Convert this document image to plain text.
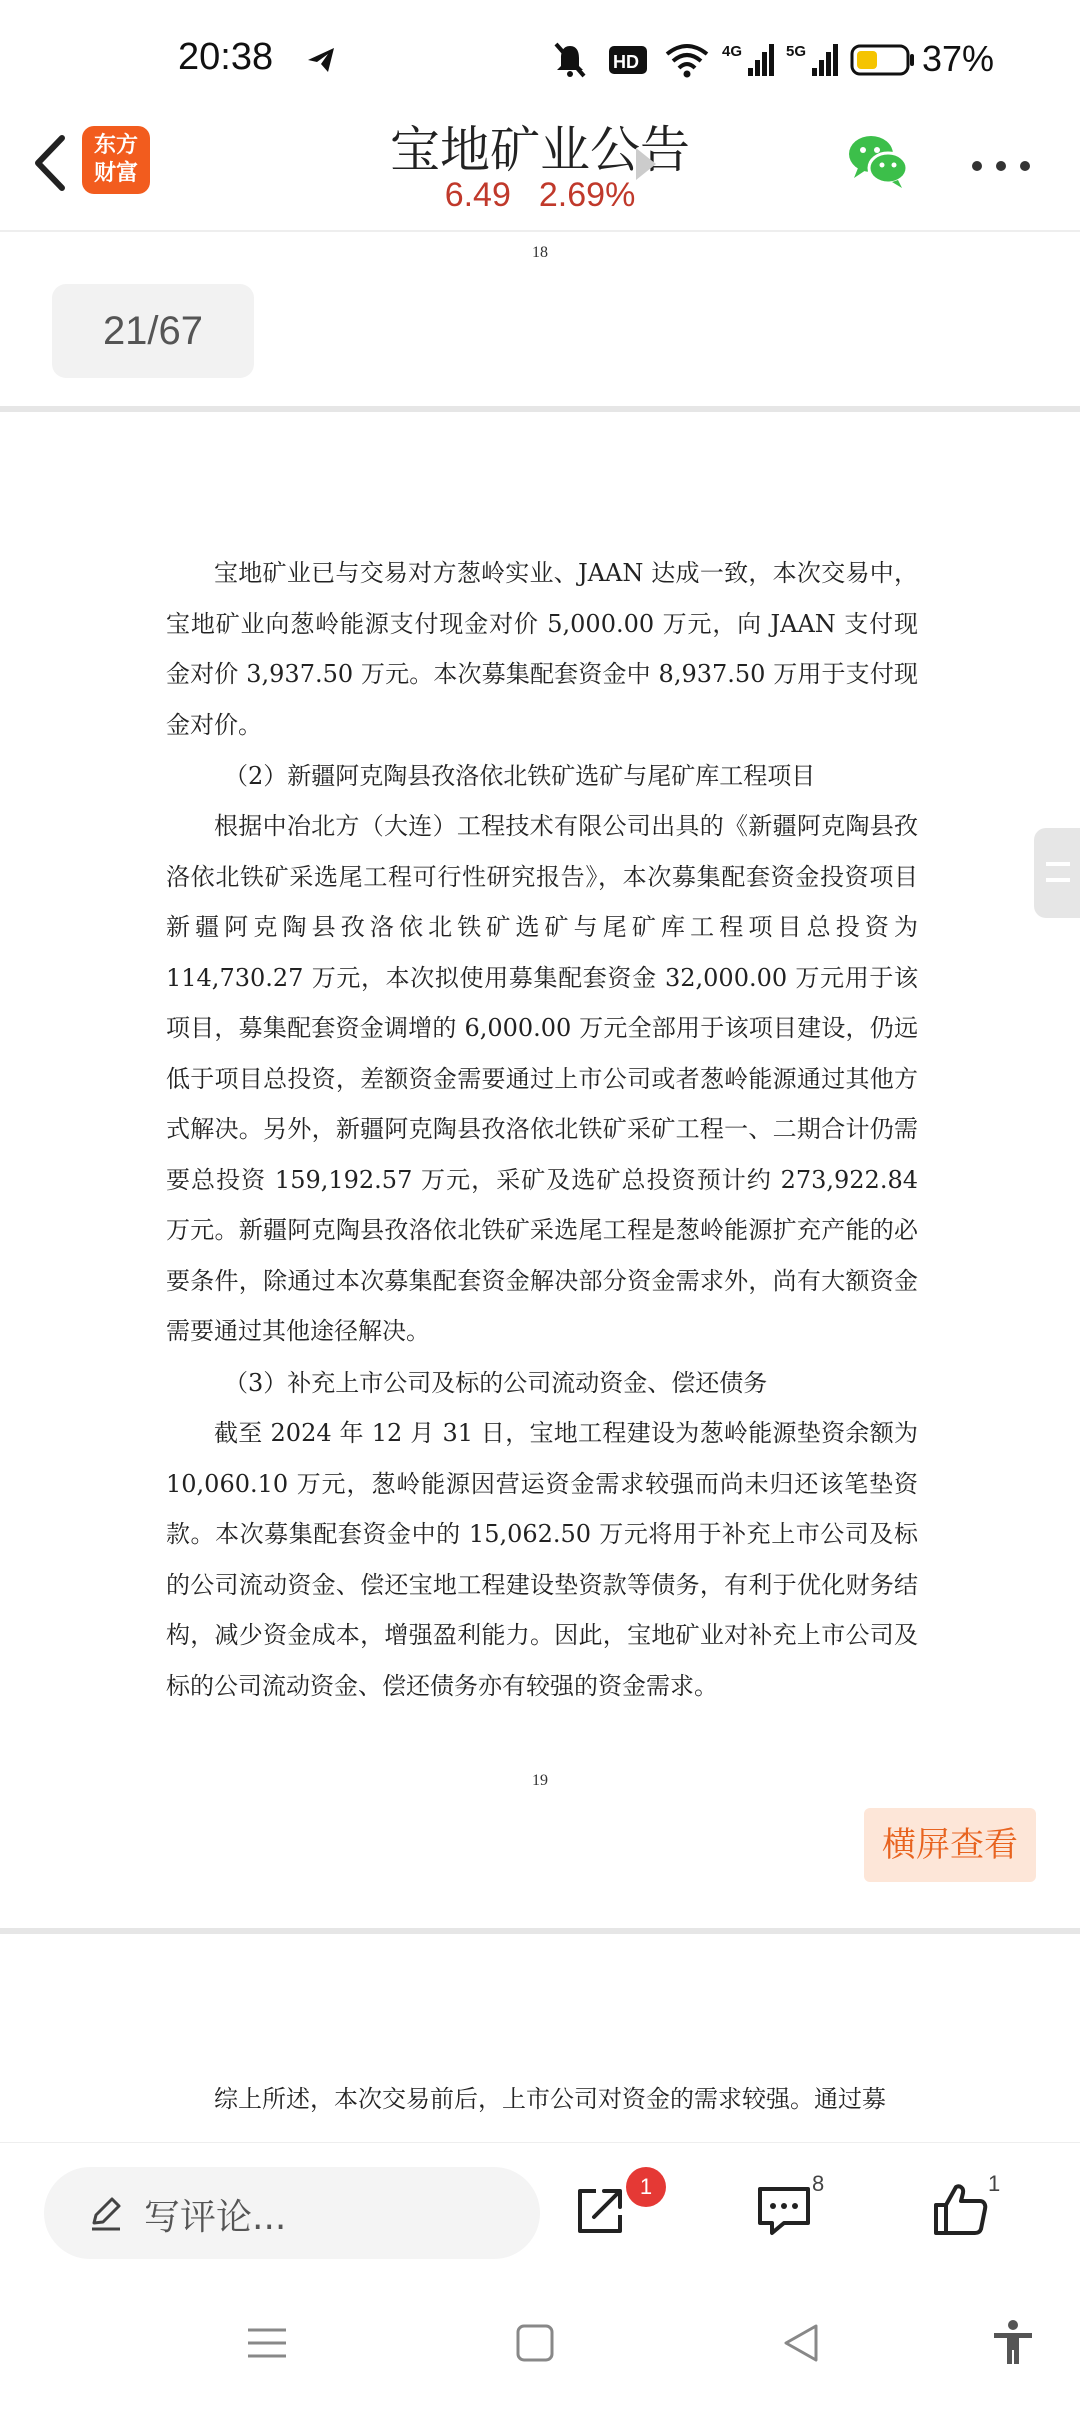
20:38	HD
4G	5G	37%
东方
财富	宝地矿业公告
6.49 2.69%
18
21/67

宝地矿业已与交易对方葱岭实业、JAAN 达成一致，本次交易中，宝地矿业向葱岭能源支付现金对价 5,000.00 万元，向 JAAN 支付现金对价 3,937.50 万元。本次募集配套资金中 8,937.50 万用于支付现金对价。

（2）新疆阿克陶县孜洛依北铁矿选矿与尾矿库工程项目

根据中冶北方（大连）工程技术有限公司出具的《新疆阿克陶县孜洛依北铁矿采选尾工程可行性研究报告》，本次募集配套资金投资项目新疆阿克陶县孜洛依北铁矿选矿与尾矿库工程项目总投资为 114,730.27 万元，本次拟使用募集配套资金 32,000.00 万元用于该项目，募集配套资金调增的 6,000.00 万元全部用于该项目建设，仍远低于项目总投资，差额资金需要通过上市公司或者葱岭能源通过其他方式解决。另外，新疆阿克陶县孜洛依北铁矿采矿工程一、二期合计仍需要总投资 159,192.57 万元，采矿及选矿总投资预计约 273,922.84 万元。新疆阿克陶县孜洛依北铁矿采选尾工程是葱岭能源扩充产能的必要条件，除通过本次募集配套资金解决部分资金需求外，尚有大额资金需要通过其他途径解决。

（3）补充上市公司及标的公司流动资金、偿还债务

截至 2024 年 12 月 31 日，宝地工程建设为葱岭能源垫资余额为 10,060.10 万元，葱岭能源因营运资金需求较强而尚未归还该笔垫资款。本次募集配套资金中的 15,062.50 万元将用于补充上市公司及标的公司流动资金、偿还宝地工程建设垫资款等债务，有利于优化财务结构，减少资金成本，增强盈利能力。因此，宝地矿业对补充上市公司及标的公司流动资金、偿还债务亦有较强的资金需求。

19

综上所述，本次交易前后，上市公司对资金的需求较强。通过募

横屏查看
写评论...
1	8	1
